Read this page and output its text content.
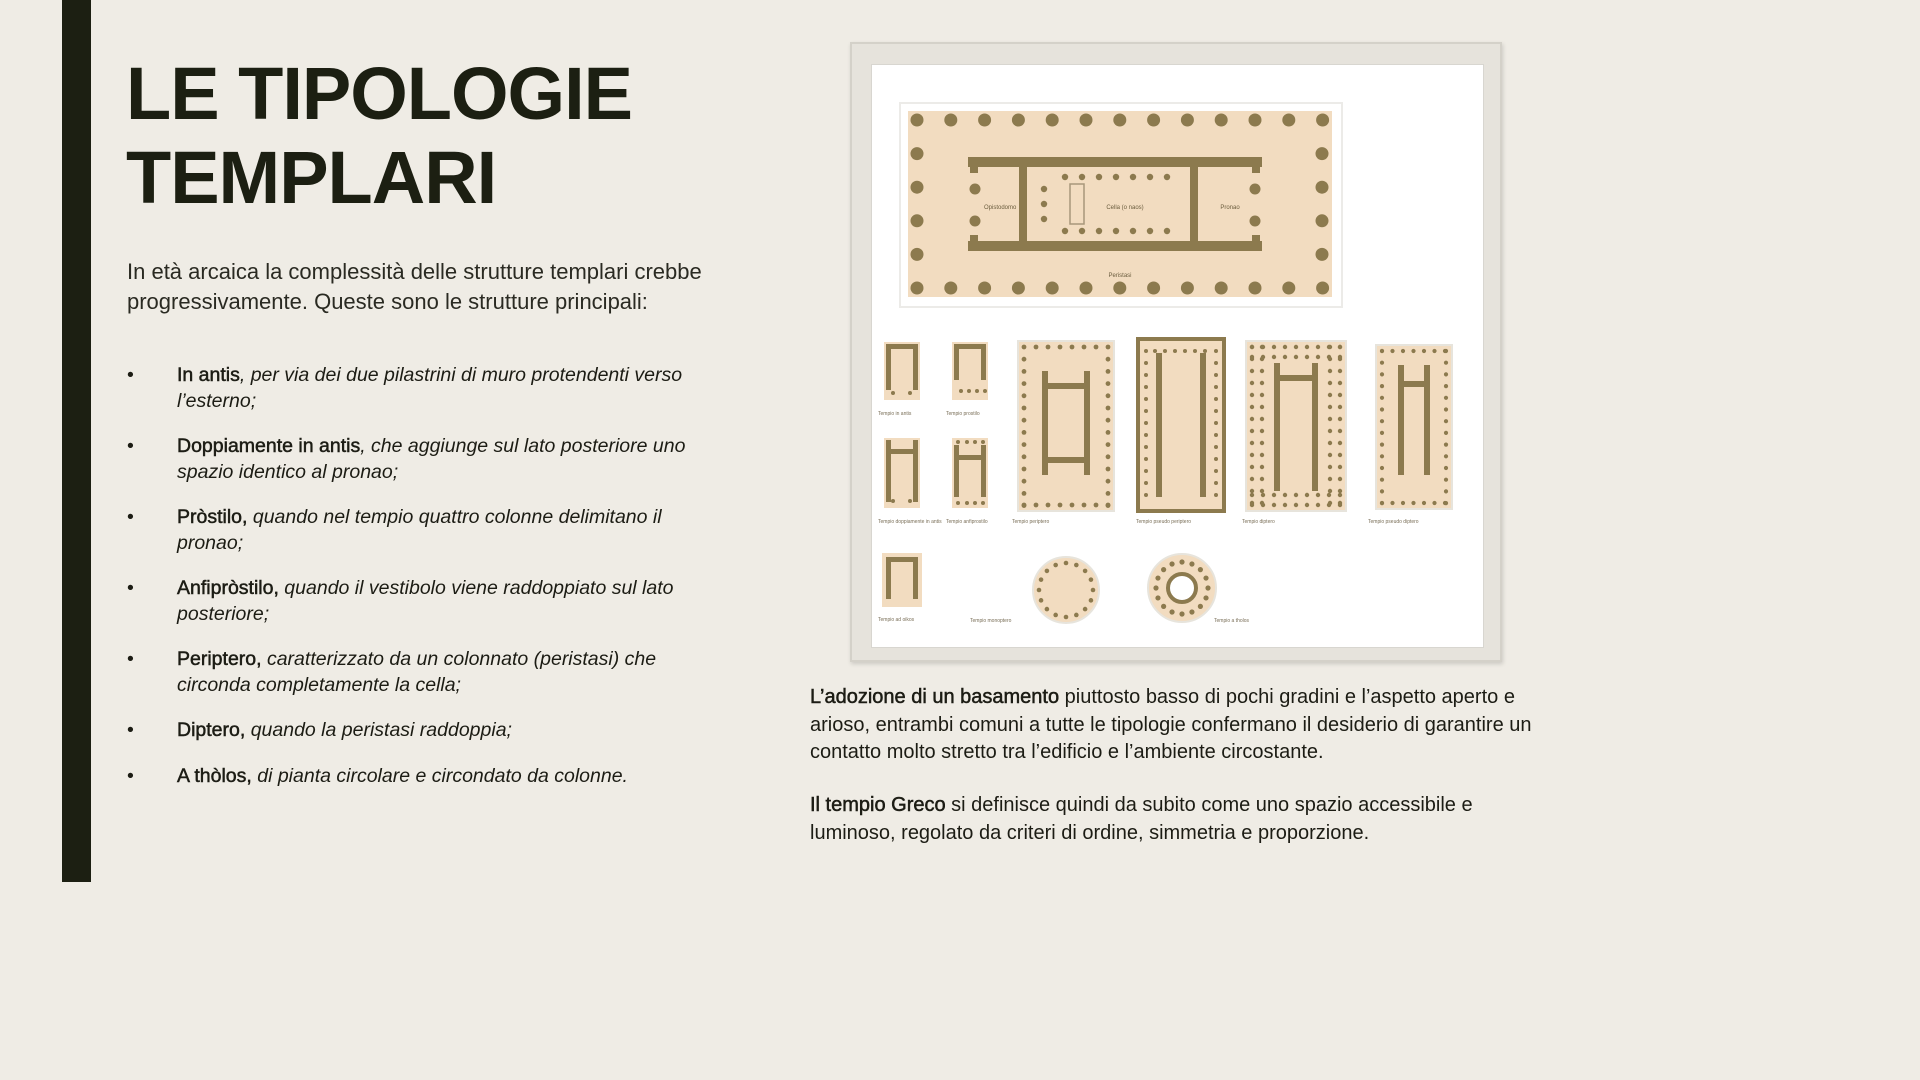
LE TIPOLOGIE
TEMPLARI

In età arcaica la complessità delle strutture templari crebbe progressivamente. Queste sono le strutture principali:

• In antis, per via dei due pilastrini di muro protendenti verso l’esterno;
• Doppiamente in antis, che aggiunge sul lato posteriore uno spazio identico al pronao;
• Pròstilo, quando nel tempio quattro colonne delimitano il pronao;
• Anfipròstilo, quando il vestibolo viene raddoppiato sul lato posteriore;
• Periptero, caratterizzato da un colonnato (peristasi) che circonda completamente la cella;
• Diptero, quando la peristasi raddoppia;
• A thòlos, di pianta circolare e circondato da colonne.
Opistodomo	Cella (o naos)	Pronao
Peristasi
Tempio in antis	Tempio prostilo
Tempio doppiamente in antis Tempio anfiprostilo	Tempio periptero	Tempio pseudo periptero	Tempio diptero	Tempio pseudo diptero
Tempio ad oikos	Tempio monoptero	Tempio a tholos

L’adozione di un basamento piuttosto basso di pochi gradini e l’aspetto aperto e arioso, entrambi comuni a tutte le tipologie confermano il desiderio di garantire un contatto molto stretto tra l’edificio e l’ambiente circostante.

Il tempio Greco si definisce quindi da subito come uno spazio accessibile e luminoso, regolato da criteri di ordine, simmetria e proporzione.
